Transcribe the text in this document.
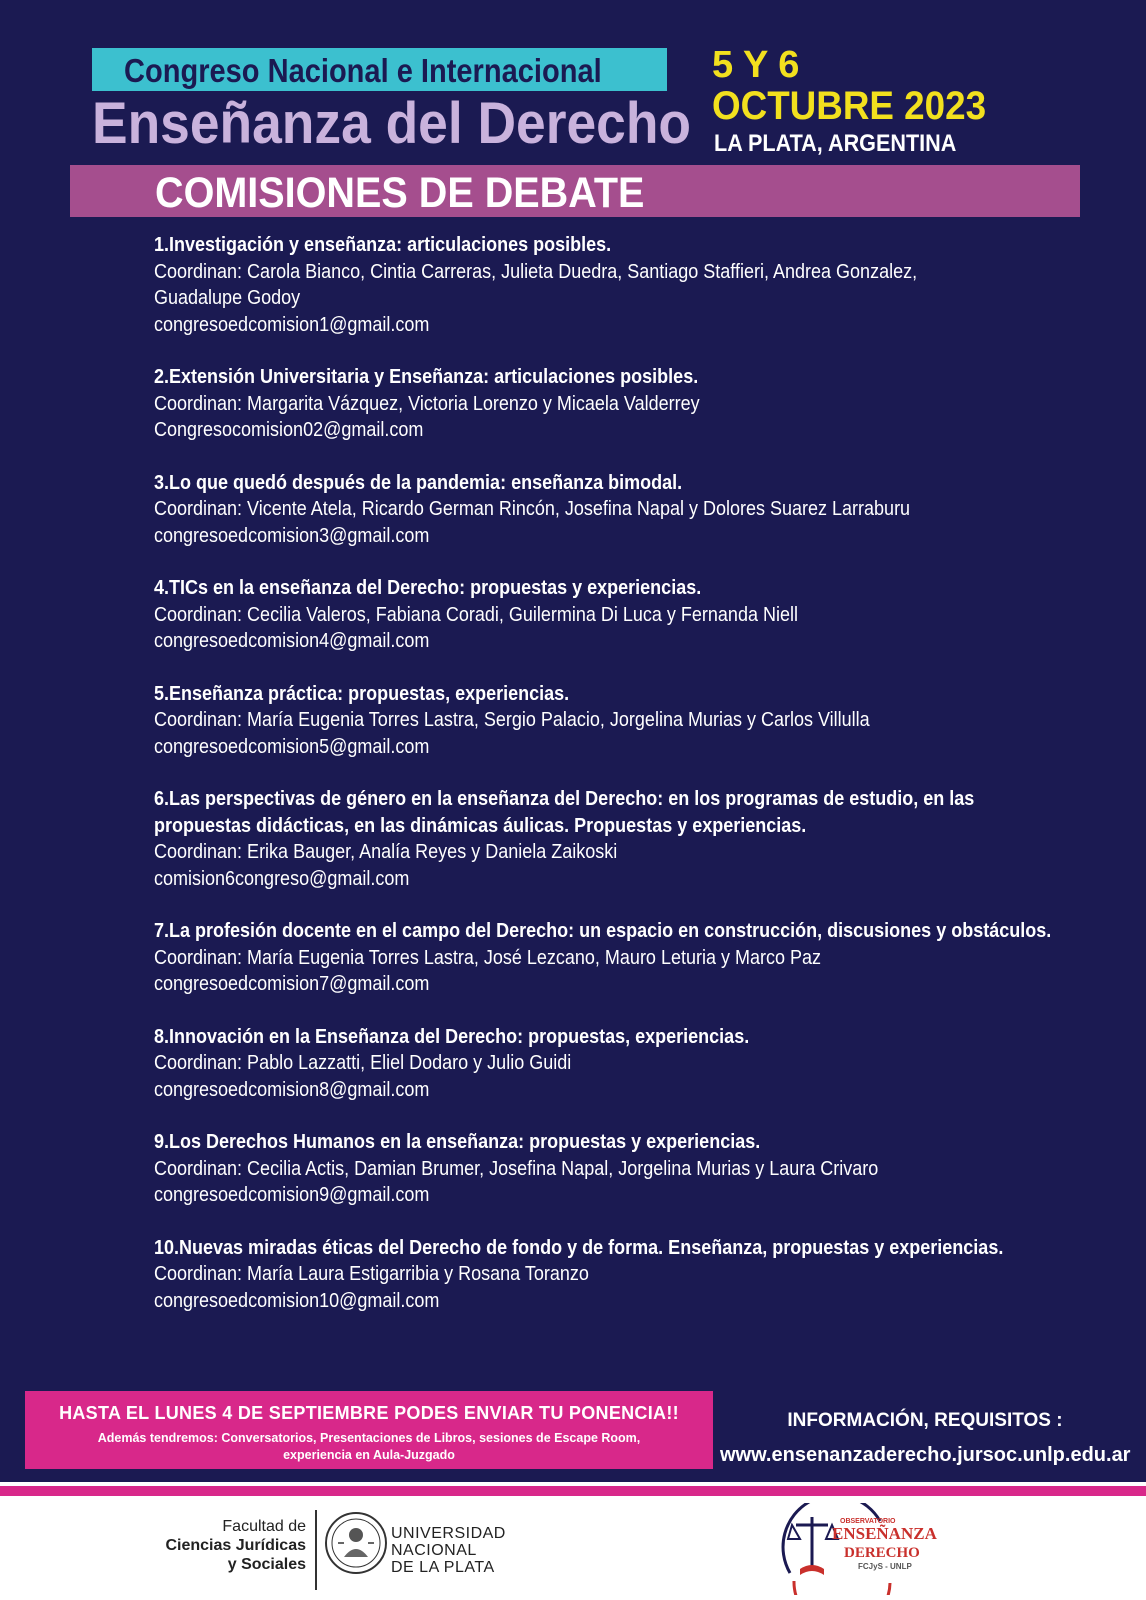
Congreso Nacional e Internacional
Enseñanza del Derecho
5 Y 6
OCTUBRE 2023
LA PLATA, ARGENTINA
COMISIONES DE DEBATE
1.Investigación y enseñanza: articulaciones posibles.
Coordinan: Carola Bianco, Cintia Carreras, Julieta Duedra, Santiago Staffieri, Andrea Gonzalez,
Guadalupe Godoy
congresoedcomision1@gmail.com
2.Extensión Universitaria y Enseñanza: articulaciones posibles.
Coordinan: Margarita Vázquez, Victoria Lorenzo y Micaela Valderrey
Congresocomision02@gmail.com
3.Lo que quedó después de la pandemia: enseñanza bimodal.
Coordinan: Vicente Atela, Ricardo German Rincón, Josefina Napal y Dolores Suarez Larraburu
congresoedcomision3@gmail.com
4.TICs en la enseñanza del Derecho: propuestas y experiencias.
Coordinan: Cecilia Valeros, Fabiana Coradi, Guilermina Di Luca y Fernanda Niell
congresoedcomision4@gmail.com
5.Enseñanza práctica: propuestas, experiencias.
Coordinan: María Eugenia Torres Lastra, Sergio Palacio, Jorgelina Murias y Carlos Villulla
congresoedcomision5@gmail.com
6.Las perspectivas de género en la enseñanza del Derecho: en los programas de estudio, en las propuestas didácticas, en las dinámicas áulicas. Propuestas y experiencias.
Coordinan: Erika Bauger, Analía Reyes y Daniela Zaikoski
comision6congreso@gmail.com
7.La profesión docente en el campo del Derecho: un espacio en construcción, discusiones y obstáculos.
Coordinan: María Eugenia Torres Lastra, José Lezcano, Mauro Leturia y Marco Paz
congresoedcomision7@gmail.com
8.Innovación en la Enseñanza del Derecho: propuestas, experiencias.
Coordinan: Pablo Lazzatti, Eliel Dodaro y Julio Guidi
congresoedcomision8@gmail.com
9.Los Derechos Humanos en la enseñanza: propuestas y experiencias.
Coordinan: Cecilia Actis, Damian Brumer, Josefina Napal, Jorgelina Murias y Laura Crivaro
congresoedcomision9@gmail.com
10.Nuevas miradas éticas del Derecho de fondo y de forma. Enseñanza, propuestas y experiencias.
Coordinan: María Laura Estigarribia y Rosana Toranzo
congresoedcomision10@gmail.com
HASTA EL LUNES 4 DE SEPTIEMBRE PODES ENVIAR TU PONENCIA!!
Además tendremos: Conversatorios, Presentaciones de Libros, sesiones de Escape Room, experiencia en Aula-Juzgado
INFORMACIÓN, REQUISITOS :
www.ensenanzaderecho.jursoc.unlp.edu.ar
Facultad de
Ciencias Jurídicas
y Sociales
UNIVERSIDAD
NACIONAL
DE LA PLATA
OBSERVATORIO
ENSEÑANZA
DERECHO
FCJyS - UNLP
